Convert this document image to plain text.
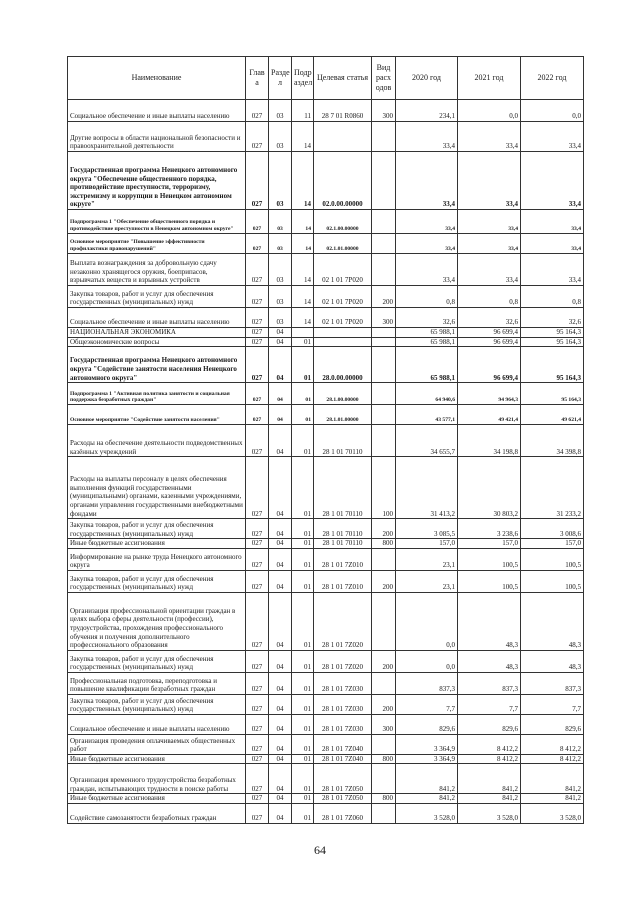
Наименование	Глав а	Разде л	Подр аздел	Целевая статья	Вид расх одов	2020 год	2021 год	2022 год
Социальное обеспечение и иные выплаты населению	027	03	11	28 7 01 R0860	300	234,1	0,0	0,0
Другие вопросы в области национальной безопасности и правоохранительной деятельности	027	03	14			33,4	33,4	33,4
Государственная программа Ненецкого автономного округа "Обеспечение общественного порядка, противодействие преступности, терроризму, экстремизму и коррупции в Ненецком автономном округе"	027	03	14	02.0.00.00000		33,4	33,4	33,4
Подпрограмма 1 "Обеспечение общественного порядка и противодействие преступности в Ненецком автономном округе"	027	03	14	02.1.00.00000		33,4	33,4	33,4
Основное мероприятие "Повышение эффективности профилактики правонарушений"	027	03	14	02.1.01.00000		33,4	33,4	33,4
Выплата вознаграждения за добровольную сдачу незаконно хранящегося оружия, боеприпасов, взрывчатых веществ и взрывных устройств	027	03	14	02 1 01 7Р020		33,4	33,4	33,4
Закупка товаров, работ и услуг для обеспечения государственных (муниципальных) нужд	027	03	14	02 1 01 7Р020	200	0,8	0,8	0,8
Социальное обеспечение и иные выплаты населению	027	03	14	02 1 01 7Р020	300	32,6	32,6	32,6
НАЦИОНАЛЬНАЯ ЭКОНОМИКА	027	04				65 988,1	96 699,4	95 164,3
Общеэкономические вопросы	027	04	01			65 988,1	96 699,4	95 164,3
Государственная программа Ненецкого автономного округа "Содействие занятости населения Ненецкого автономного округа"	027	04	01	28.0.00.00000		65 988,1	96 699,4	95 164,3
Подпрограмма 1 "Активная политика занятости и социальная поддержка безработных граждан"	027	04	01	28.1.00.00000		64 940,6	94 964,3	95 164,3
Основное мероприятие "Содействие занятости населения"	027	04	01	28.1.01.00000		43 577,1	49 421,4	49 621,4
Расходы на обеспечение деятельности подведомственных казённых учреждений	027	04	01	28 1 01 70110		34 655,7	34 198,8	34 398,8
Расходы на выплаты персоналу в целях обеспечения выполнения функций государственными (муниципальными) органами, казенными учреждениями, органами управления государственными внебюджетными фондами	027	04	01	28 1 01 70110	100	31 413,2	30 803,2	31 233,2
Закупка товаров, работ и услуг для обеспечения государственных (муниципальных) нужд	027	04	01	28 1 01 70110	200	3 085,5	3 238,6	3 008,6
Иные бюджетные ассигнования	027	04	01	28 1 01 70110	800	157,0	157,0	157,0
Информирование на рынке труда Ненецкого автономного округа	027	04	01	28 1 01 7Z010		23,1	100,5	100,5
Закупка товаров, работ и услуг для обеспечения государственных (муниципальных) нужд	027	04	01	28 1 01 7Z010	200	23,1	100,5	100,5
Организация профессиональной ориентации граждан в целях выбора сферы деятельности (профессии), трудоустройства, прохождения профессионального обучения и получения дополнительного профессионального образования	027	04	01	28 1 01 7Z020		0,0	48,3	48,3
Закупка товаров, работ и услуг для обеспечения государственных (муниципальных) нужд	027	04	01	28 1 01 7Z020	200	0,0	48,3	48,3
Профессиональная подготовка, переподготовка и повышение квалификации безработных граждан	027	04	01	28 1 01 7Z030		837,3	837,3	837,3
Закупка товаров, работ и услуг для обеспечения государственных (муниципальных) нужд	027	04	01	28 1 01 7Z030	200	7,7	7,7	7,7
Социальное обеспечение и иные выплаты населению	027	04	01	28 1 01 7Z030	300	829,6	829,6	829,6
Организация проведения оплачиваемых общественных работ	027	04	01	28 1 01 7Z040		3 364,9	8 412,2	8 412,2
Иные бюджетные ассигнования	027	04	01	28 1 01 7Z040	800	3 364,9	8 412,2	8 412,2
Организация временного трудоустройства безработных граждан, испытывающих трудности в поиске работы	027	04	01	28 1 01 7Z050		841,2	841,2	841,2
Иные бюджетные ассигнования	027	04	01	28 1 01 7Z050	800	841,2	841,2	841,2
Содействие самозанятости безработных граждан	027	04	01	28 1 01 7Z060		3 528,0	3 528,0	3 528,0
64
